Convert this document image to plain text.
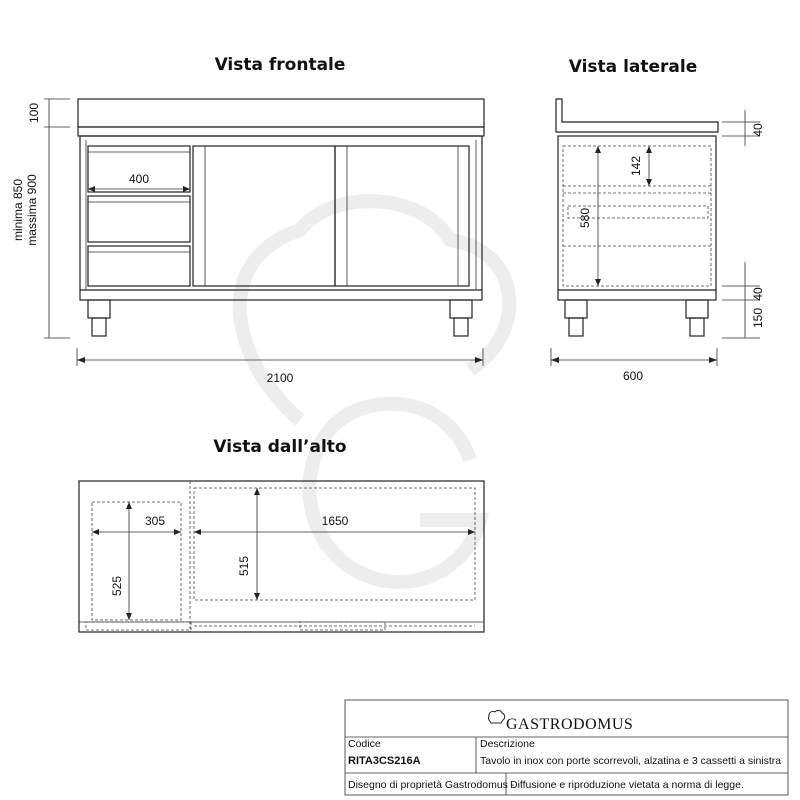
Vista frontale
400
2100
100
minima 850 massima 900
Vista laterale
600
40
40
150
142
580
Vista dall’alto
305
525
1650
515
GASTRODOMUS
Codice
RITA3CS216A
Descrizione
Tavolo in inox con porte scorrevoli, alzatina e 3 cassetti a sinistra
Disegno di proprietà Gastrodomus -
Diffusione e riproduzione vietata a norma di legge.
